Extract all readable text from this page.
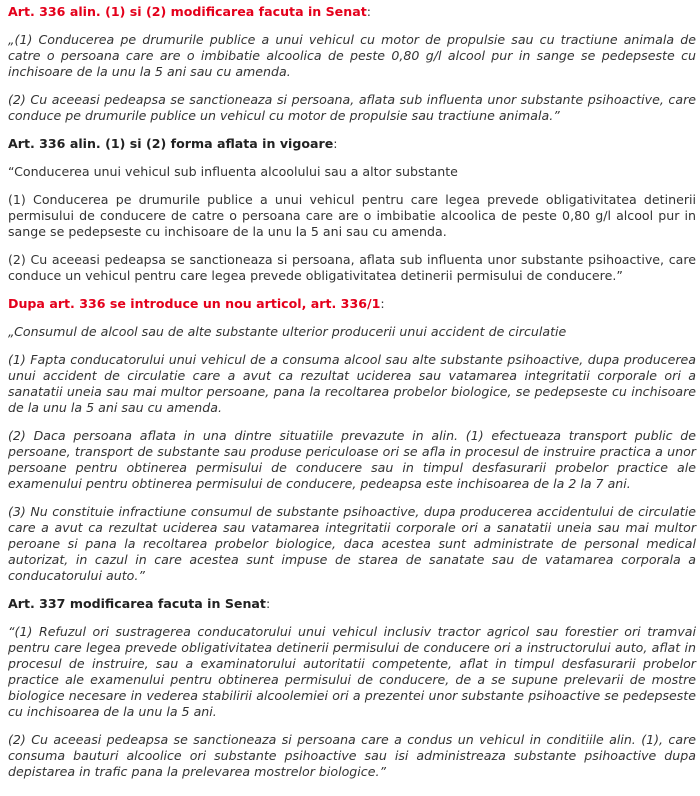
Art. 336 alin. (1) si (2) modificarea facuta in Senat:

„(1) Conducerea pe drumurile publice a unui vehicul cu motor de propulsie sau cu tractiune animala de catre o persoana care are o imbibatie alcoolica de peste 0,80 g/l alcool pur in sange se pedepseste cu inchisoare de la unu la 5 ani sau cu amenda.

(2) Cu aceeasi pedeapsa se sanctioneaza si persoana, aflata sub influenta unor substante psihoactive, care conduce pe drumurile publice un vehicul cu motor de propulsie sau tractiune animala.”

Art. 336 alin. (1) si (2) forma aflata in vigoare:

“Conducerea unui vehicul sub influenta alcoolului sau a altor substante

(1) Conducerea pe drumurile publice a unui vehicul pentru care legea prevede obligativitatea detinerii permisului de conducere de catre o persoana care are o imbibatie alcoolica de peste 0,80 g/l alcool pur in sange se pedepseste cu inchisoare de la unu la 5 ani sau cu amenda.

(2) Cu aceeasi pedeapsa se sanctioneaza si persoana, aflata sub influenta unor substante psihoactive, care conduce un vehicul pentru care legea prevede obligativitatea detinerii permisului de conducere.”

Dupa art. 336 se introduce un nou articol, art. 336/1:

„Consumul de alcool sau de alte substante ulterior producerii unui accident de circulatie

(1) Fapta conducatorului unui vehicul de a consuma alcool sau alte substante psihoactive, dupa producerea unui accident de circulatie care a avut ca rezultat uciderea sau vatamarea integritatii corporale ori a sanatatii uneia sau mai multor persoane, pana la recoltarea probelor biologice, se pedepseste cu inchisoare de la unu la 5 ani sau cu amenda.

(2) Daca persoana aflata in una dintre situatiile prevazute in alin. (1) efectueaza transport public de persoane, transport de substante sau produse periculoase ori se afla in procesul de instruire practica a unor persoane pentru obtinerea permisului de conducere sau in timpul desfasurarii probelor practice ale examenului pentru obtinerea permisului de conducere, pedeapsa este inchisoarea de la 2 la 7 ani.

(3) Nu constituie infractiune consumul de substante psihoactive, dupa producerea accidentului de circulatie care a avut ca rezultat uciderea sau vatamarea integritatii corporale ori a sanatatii uneia sau mai multor peroane si pana la recoltarea probelor biologice, daca acestea sunt administrate de personal medical autorizat, in cazul in care acestea sunt impuse de starea de sanatate sau de vatamarea corporala a conducatorului auto.”

Art. 337 modificarea facuta in Senat:

“(1) Refuzul ori sustragerea conducatorului unui vehicul inclusiv tractor agricol sau forestier ori tramvai pentru care legea prevede obligativitatea detinerii permisului de conducere ori a instructorului auto, aflat in procesul de instruire, sau a examinatorului autoritatii competente, aflat in timpul desfasurarii probelor practice ale examenului pentru obtinerea permisului de conducere, de a se supune prelevarii de mostre biologice necesare in vederea stabilirii alcoolemiei ori a prezentei unor substante psihoactive se pedepseste cu inchisoarea de la unu la 5 ani.

(2) Cu aceeasi pedeapsa se sanctioneaza si persoana care a condus un vehicul in conditiile alin. (1), care consuma bauturi alcoolice ori substante psihoactive sau isi administreaza substante psihoactive dupa depistarea in trafic pana la prelevarea mostrelor biologice.”
